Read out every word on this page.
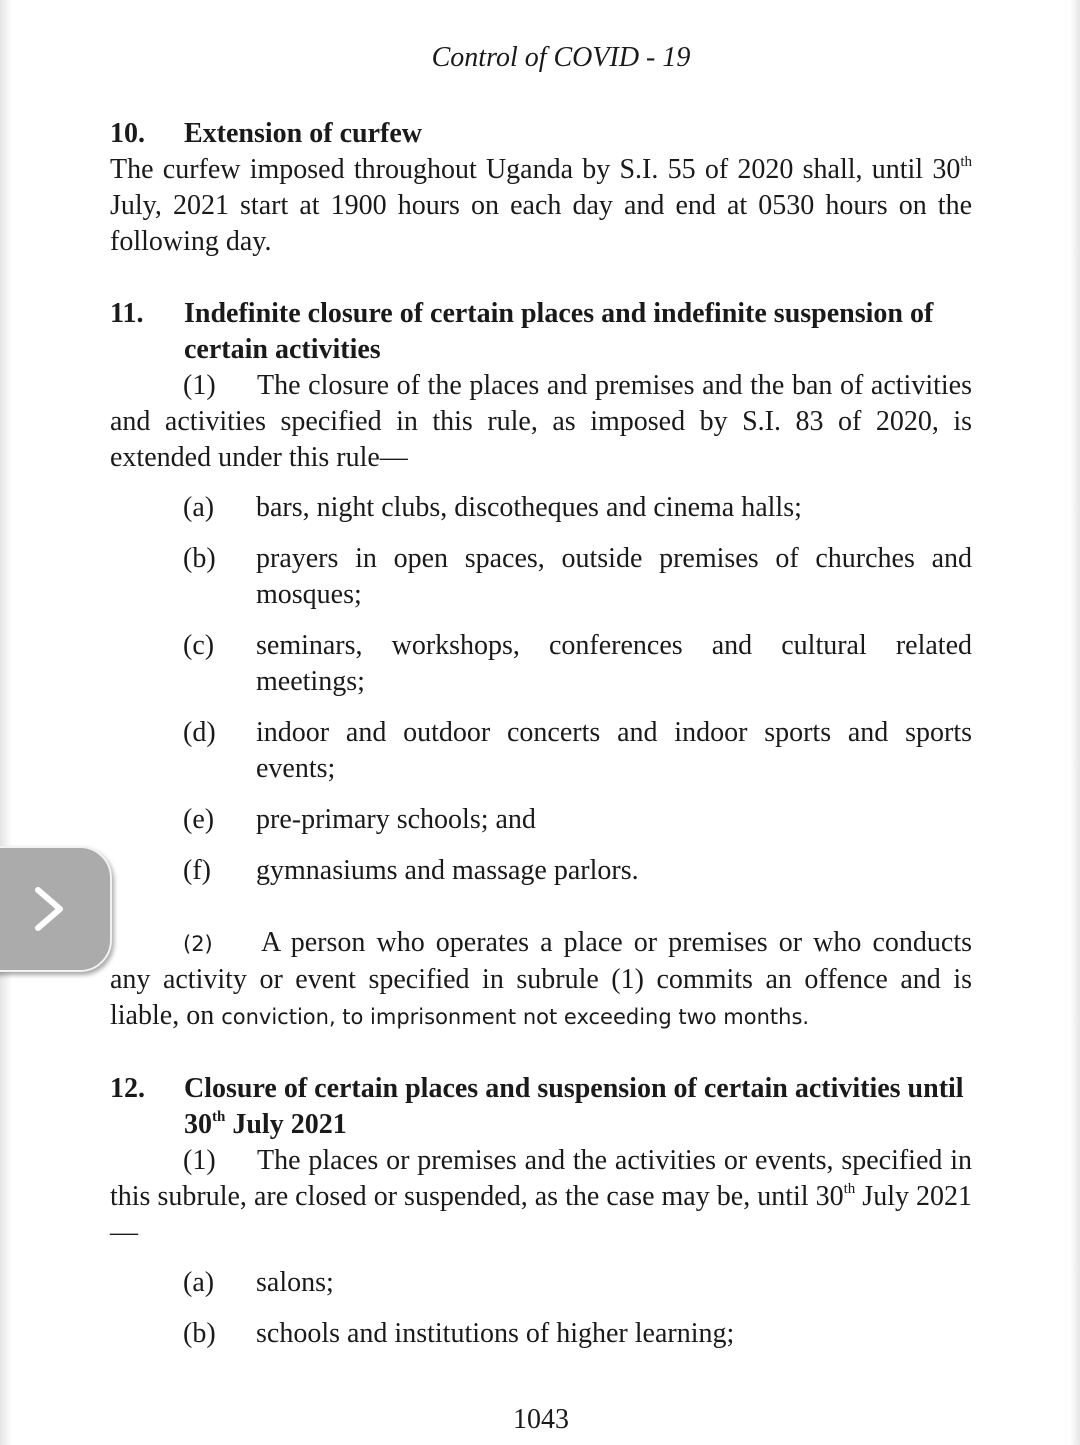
Control of COVID - 19
10.	Extension of curfew

The curfew imposed throughout Uganda by S.I. 55 of 2020 shall, until 30th July, 2021 start at 1900 hours on each day and end at 0530 hours on the following day.

11.	Indefinite closure of certain places and indefinite suspension of certain activities

(1) The closure of the places and premises and the ban of activities and activities specified in this rule, as imposed by S.I. 83 of 2020, is extended under this rule—

(a)	bars, night clubs, discotheques and cinema halls;
(b)	prayers in open spaces, outside premises of churches and mosques;
(c)	seminars, workshops, conferences and cultural related meetings;
(d)	indoor and outdoor concerts and indoor sports and sports events;
(e)	pre-primary schools; and
(f)	gymnasiums and massage parlors.

(2) A person who operates a place or premises or who conducts any activity or event specified in subrule (1) commits an offence and is liable, on conviction, to imprisonment not exceeding two months.

12.	Closure of certain places and suspension of certain activities until 30th July 2021

(1) The places or premises and the activities or events, specified in this subrule, are closed or suspended, as the case may be, until 30th July 2021—

(a)	salons;
(b)	schools and institutions of higher learning;
1043
